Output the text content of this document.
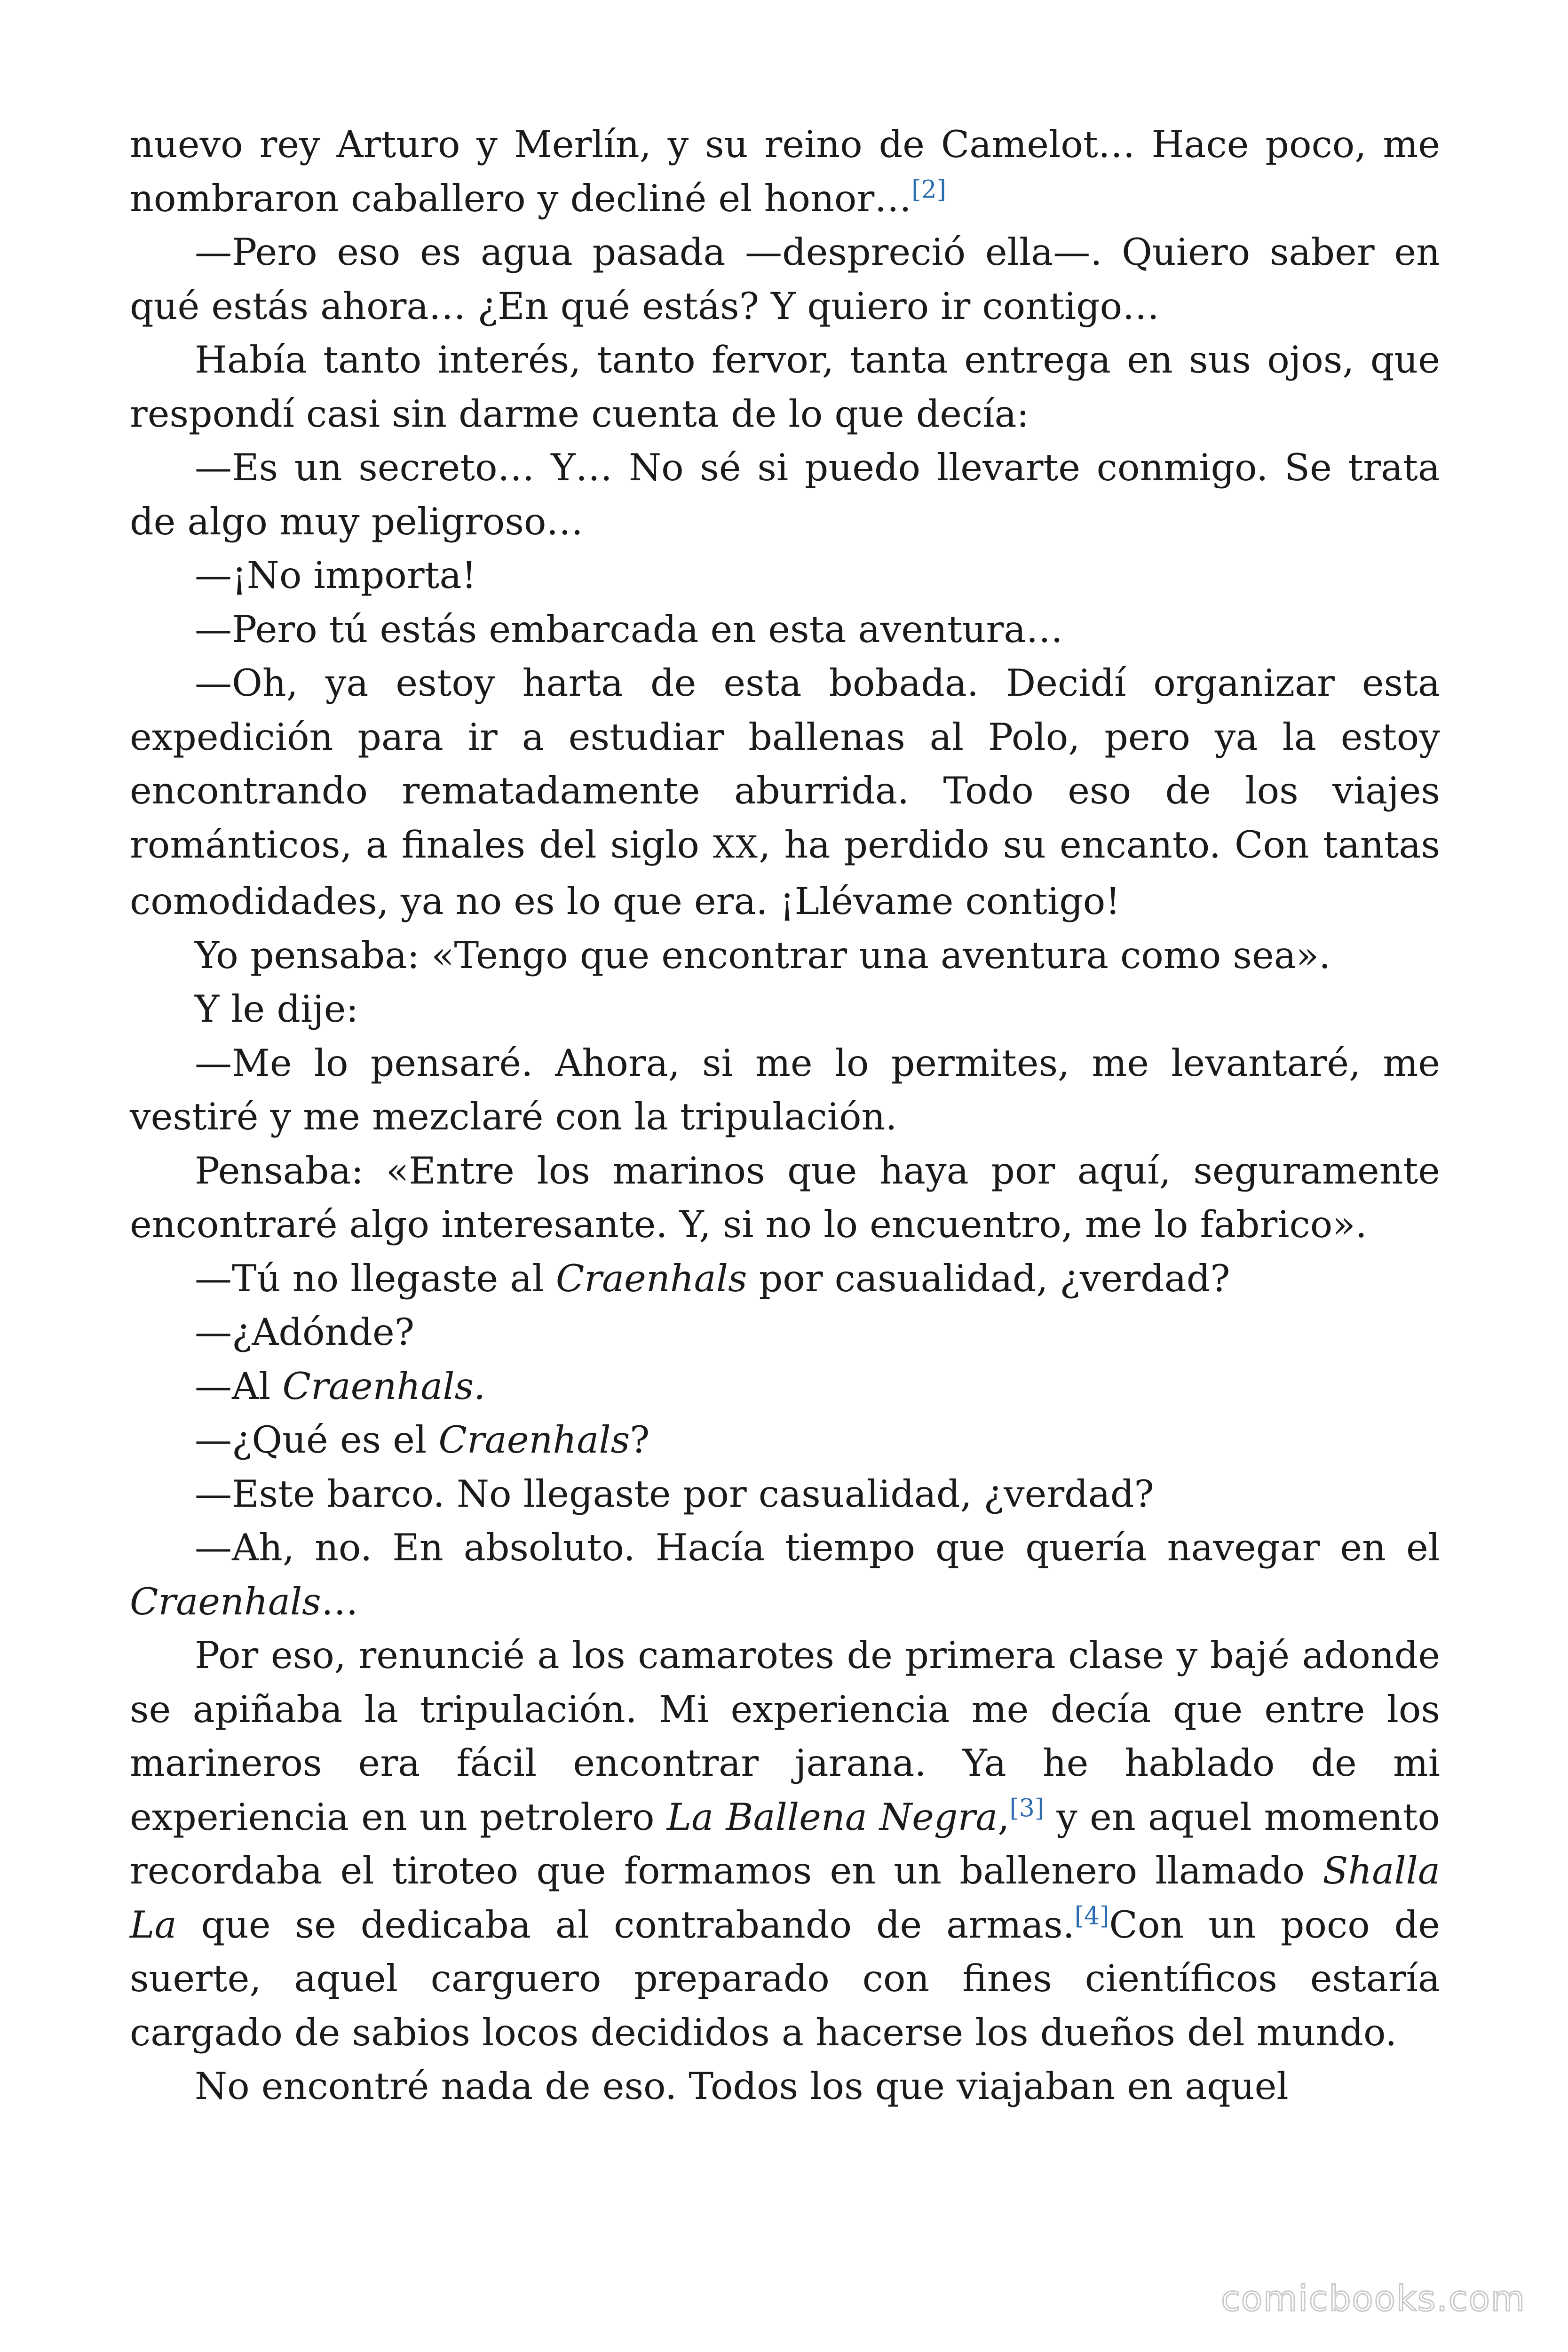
nuevo rey Arturo y Merlín, y su reino de Camelot… Hace poco, me nombraron caballero y decliné el honor…[2]

—Pero eso es agua pasada —despreció ella—. Quiero saber en qué estás ahora… ¿En qué estás? Y quiero ir contigo…

Había tanto interés, tanto fervor, tanta entrega en sus ojos, que respondí casi sin darme cuenta de lo que decía:

—Es un secreto… Y… No sé si puedo llevarte conmigo. Se trata de algo muy peligroso…

—¡No importa!

—Pero tú estás embarcada en esta aventura…

—Oh, ya estoy harta de esta bobada. Decidí organizar esta expedición para ir a estudiar ballenas al Polo, pero ya la estoy encontrando rematadamente aburrida. Todo eso de los viajes románticos, a finales del siglo XX, ha perdido su encanto. Con tantas comodidades, ya no es lo que era. ¡Llévame contigo!

Yo pensaba: «Tengo que encontrar una aventura como sea».

Y le dije:

—Me lo pensaré. Ahora, si me lo permites, me levantaré, me vestiré y me mezclaré con la tripulación.

Pensaba: «Entre los marinos que haya por aquí, seguramente encontraré algo interesante. Y, si no lo encuentro, me lo fabrico».

—Tú no llegaste al Craenhals por casualidad, ¿verdad?

—¿Adónde?

—Al Craenhals.

—¿Qué es el Craenhals?

—Este barco. No llegaste por casualidad, ¿verdad?

—Ah, no. En absoluto. Hacía tiempo que quería navegar en el Craenhals…

Por eso, renuncié a los camarotes de primera clase y bajé adonde se apiñaba la tripulación. Mi experiencia me decía que entre los marineros era fácil encontrar jarana. Ya he hablado de mi experiencia en un petrolero La Ballena Negra,[3] y en aquel momento recordaba el tiroteo que formamos en un ballenero llamado Shalla La que se dedicaba al contrabando de armas.[4]Con un poco de suerte, aquel carguero preparado con fines científicos estaría cargado de sabios locos decididos a hacerse los dueños del mundo.

No encontré nada de eso. Todos los que viajaban en aquel

comicbooks.com
